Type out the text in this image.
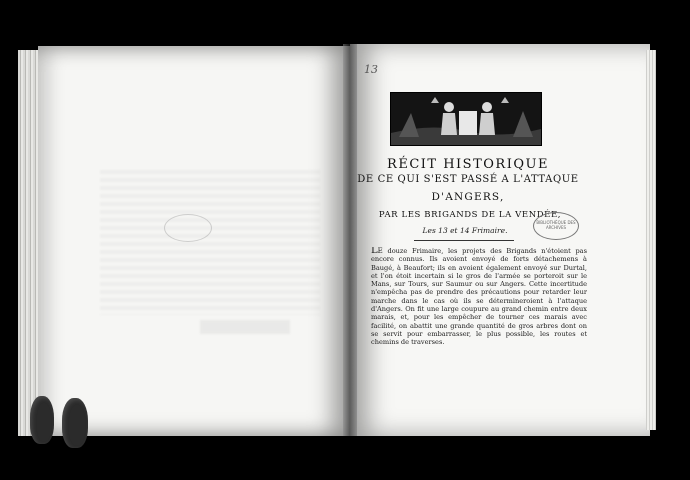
13
RÉCIT HISTORIQUE
DE CE QUI S'EST PASSÉ A L'ATTAQUE
D'ANGERS,
PAR LES BRIGANDS DE LA VENDÉE,
Les 13 et 14 Frimaire.
BIBLIOTHÈQUE DES ARCHIVES
Le douze Frimaire, les projets des Brigands n'étoient pas encore connus. Ils avoient envoyé de forts détachemens à Baugé, à Beaufort; ils en avoient également envoyé sur Durtal, et l'on étoit incertain si le gros de l'armée se porteroit sur le Mans, sur Tours, sur Saumur ou sur Angers. Cette incertitude n'empêcha pas de prendre des précautions pour retarder leur marche dans le cas où ils se détermineroient à l'attaque d'Angers. On fit une large coupure au grand chemin entre deux marais, et, pour les empêcher de tourner ces marais avec facilité, on abattit une grande quantité de gros arbres dont on se servit pour embarrasser, le plus possible, les routes et chemins de traverses.
